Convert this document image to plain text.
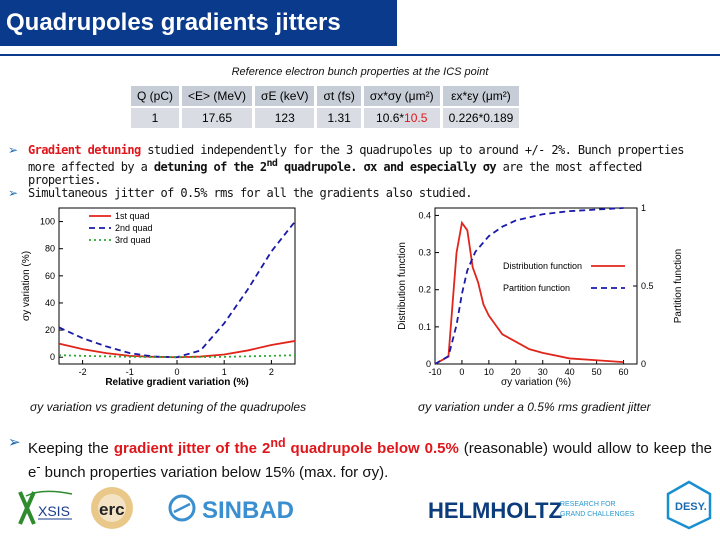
Quadrupoles gradients jitters
Reference electron bunch properties at the ICS point
Q (pC)	<E> (MeV)	σE (keV)	σt (fs)	σx*σy (μm²)	εx*εy (μm²)
1	17.65	123	1.31	10.6*10.5	0.226*0.189
➢ Gradient detuning studied independently for the 3 quadrupoles up to around +/- 2%. Bunch properties more affected by a detuning of the 2nd quadrupole. σx and especially σy are the most affected properties.
➢ Simultaneous jitter of 0.5% rms for all the gradients also studied.
-2	-1	0	1	2
0
20
40
60
80
100
Relative gradient variation (%)
σy variation (%)
1st quad
2nd quad
3rd quad
-10 0 10 20 30 40 50 60
0
0.1
0.2
0.3
0.4
0
0.5
1
σy variation (%)
Distribution function	Partition function
Distribution function
Partition function
σy variation vs gradient detuning of the quadrupoles	σy variation under a 0.5% rms gradient jitter
➢ Keeping the gradient jitter of the 2nd quadrupole below 0.5% (reasonable) would allow to keep the e- bunch properties variation below 15% (max. for σy).
XSIS erc	SINBAD	HELMHOLTZ
RESEARCH FOR
GRAND CHALLENGES
DESY.
